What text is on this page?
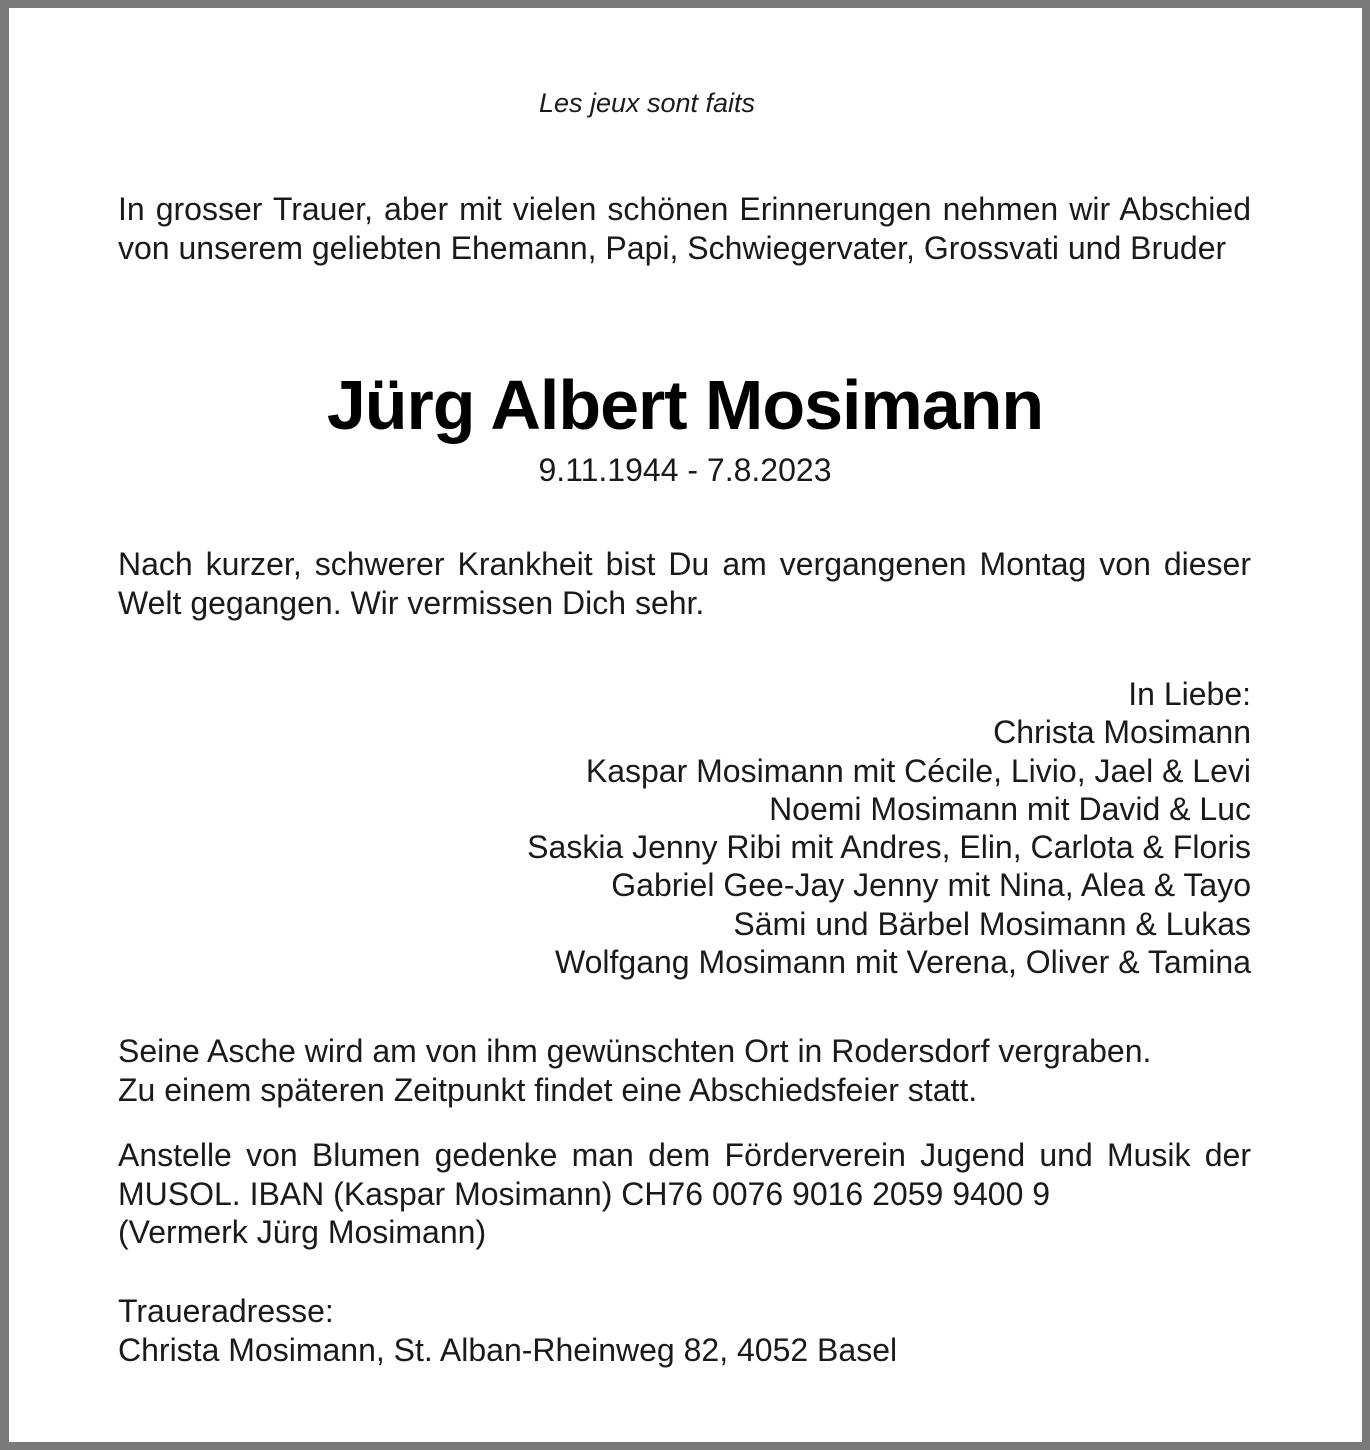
Les jeux sont faits

In grosser Trauer, aber mit vielen schönen Erinnerungen nehmen wir Abschied von unserem geliebten Ehemann, Papi, Schwiegervater, Grossvati und Bruder

Jürg Albert Mosimann

9.11.1944 - 7.8.2023

Nach kurzer, schwerer Krankheit bist Du am vergangenen Montag von dieser Welt gegangen. Wir vermissen Dich sehr.

In Liebe:
Christa Mosimann
Kaspar Mosimann mit Cécile, Livio, Jael & Levi
Noemi Mosimann mit David & Luc
Saskia Jenny Ribi mit Andres, Elin, Carlota & Floris
Gabriel Gee-Jay Jenny mit Nina, Alea & Tayo
Sämi und Bärbel Mosimann & Lukas
Wolfgang Mosimann mit Verena, Oliver & Tamina
Seine Asche wird am von ihm gewünschten Ort in Rodersdorf vergraben.
Zu einem späteren Zeitpunkt findet eine Abschiedsfeier statt.
Anstelle von Blumen gedenke man dem Förderverein Jugend und Musik der MUSOL. IBAN (Kaspar Mosimann) CH76 0076 9016 2059 9400 9
(Vermerk Jürg Mosimann)
Traueradresse:
Christa Mosimann, St. Alban-Rheinweg 82, 4052 Basel
